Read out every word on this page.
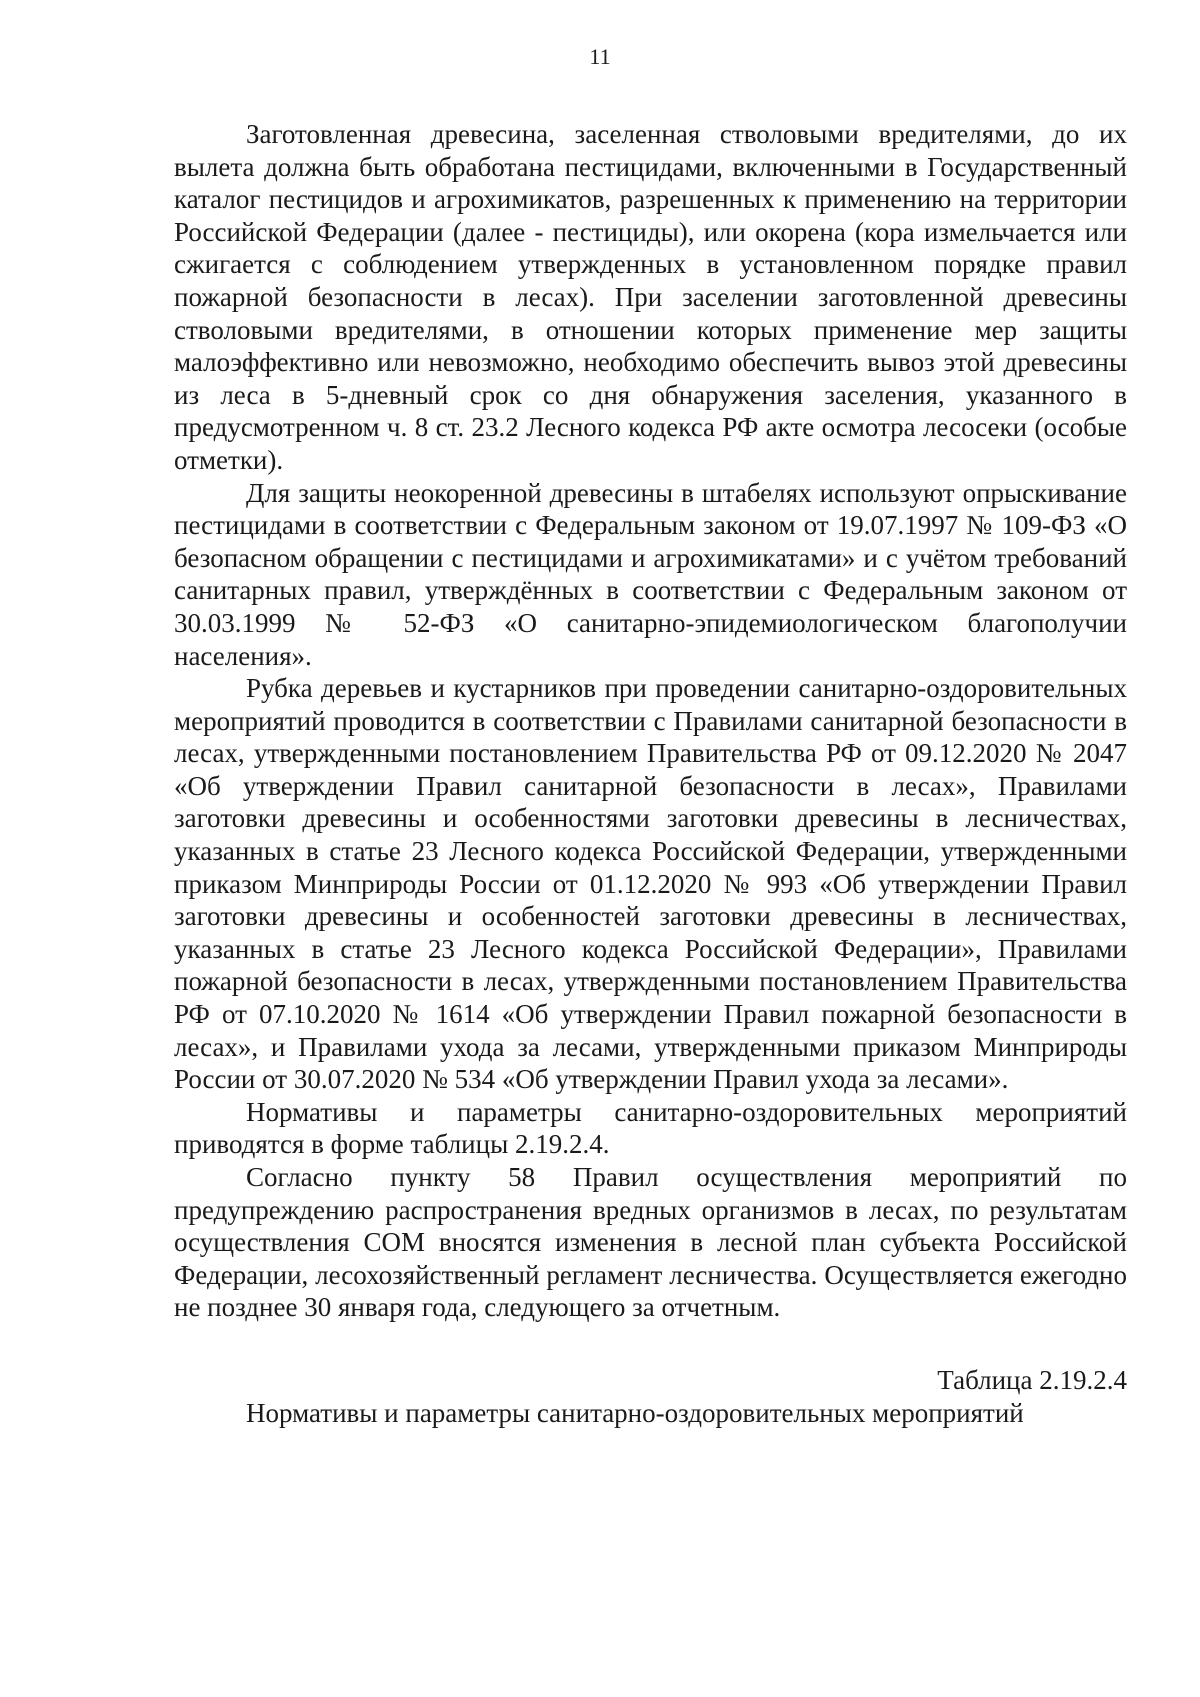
11

Заготовленная древесина, заселенная стволовыми вредителями, до их вылета должна быть обработана пестицидами, включенными в Государственный каталог пестицидов и агрохимикатов, разрешенных к применению на территории Российской Федерации (далее - пестициды), или окорена (кора измельчается или сжигается с соблюдением утвержденных в установленном порядке правил пожарной безопасности в лесах). При заселении заготовленной древесины стволовыми вредителями, в отношении которых применение мер защиты малоэффективно или невозможно, необходимо обеспечить вывоз этой древесины из леса в 5-дневный срок со дня обнаружения заселения, указанного в предусмотренном ч. 8 ст. 23.2 Лесного кодекса РФ акте осмотра лесосеки (особые отметки).

Для защиты неокоренной древесины в штабелях используют опрыскивание пестицидами в соответствии с Федеральным законом от 19.07.1997 № 109-ФЗ «О безопасном обращении с пестицидами и агрохимикатами» и с учётом требований санитарных правил, утверждённых в соответствии с Федеральным законом от 30.03.1999 № 52-ФЗ «О санитарно-эпидемиологическом благополучии населения».

Рубка деревьев и кустарников при проведении санитарно-оздоровительных мероприятий проводится в соответствии с Правилами санитарной безопасности в лесах, утвержденными постановлением Правительства РФ от 09.12.2020 № 2047 «Об утверждении Правил санитарной безопасности в лесах», Правилами заготовки древесины и особенностями заготовки древесины в лесничествах, указанных в статье 23 Лесного кодекса Российской Федерации, утвержденными приказом Минприроды России от 01.12.2020 № 993 «Об утверждении Правил заготовки древесины и особенностей заготовки древесины в лесничествах, указанных в статье 23 Лесного кодекса Российской Федерации», Правилами пожарной безопасности в лесах, утвержденными постановлением Правительства РФ от 07.10.2020 № 1614 «Об утверждении Правил пожарной безопасности в лесах», и Правилами ухода за лесами, утвержденными приказом Минприроды России от 30.07.2020 № 534 «Об утверждении Правил ухода за лесами».

Нормативы и параметры санитарно-оздоровительных мероприятий приводятся в форме таблицы 2.19.2.4.

Согласно пункту 58 Правил осуществления мероприятий по предупреждению распространения вредных организмов в лесах, по результатам осуществления СОМ вносятся изменения в лесной план субъекта Российской Федерации, лесохозяйственный регламент лесничества. Осуществляется ежегодно не позднее 30 января года, следующего за отчетным.

Таблица 2.19.2.4

Нормативы и параметры санитарно-оздоровительных мероприятий
